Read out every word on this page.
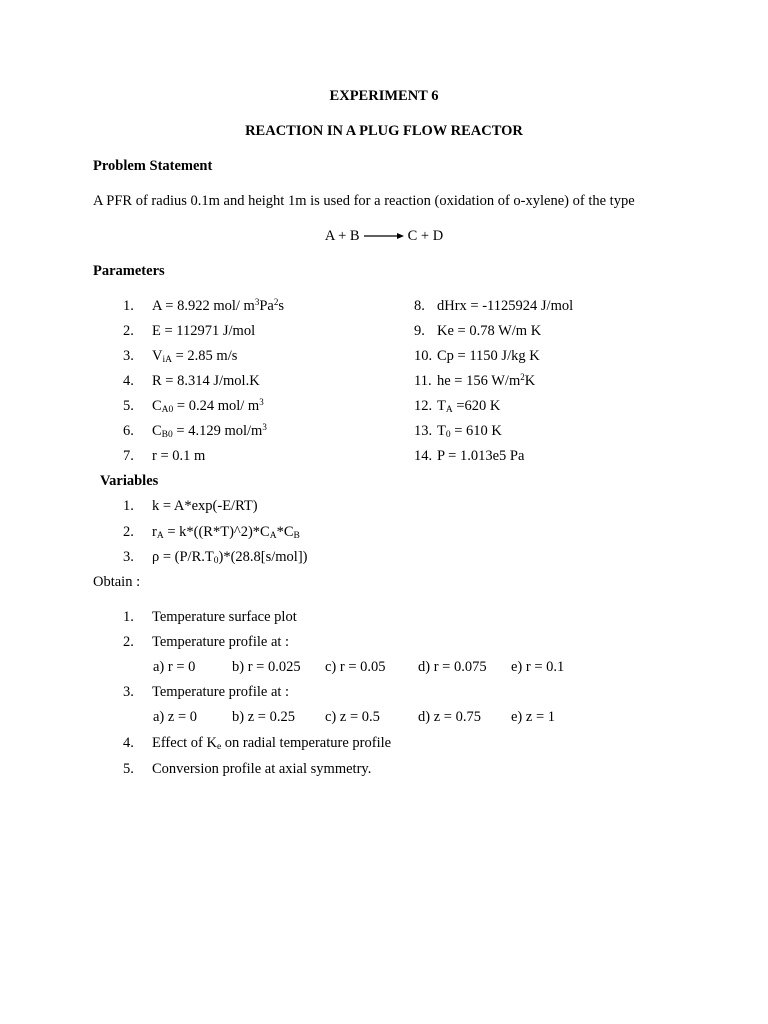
EXPERIMENT 6
REACTION IN A PLUG FLOW REACTOR
Problem Statement
A PFR of radius 0.1m and height 1m is used for a reaction (oxidation of o-xylene) of the type
A + B	C + D
Parameters
1. A = 8.922 mol/ $m^3Pa^2s$
2. E = 112971 J/mol
3. $V_{iA} = 2.85$ m/s
4. R = 8.314 J/mol.K
5. $C_{A0} = 0.24$ mol/ $m^3$
6. $C_{B0} = 4.129$ mol/$m^3$
7. r = 0.1 m
8. dHrx = -1125924 J/mol
9. Ke = 0.78 W/m K
10. Cp = 1150 J/kg K
11. he = 156 $W/m^2K$
12. $T_A =620$ K
13. $T_0 = 610$ K
14. P = 1.013e5 Pa
Variables
1. k = A*exp(-E/RT)
2. $r_A$ = $k*((R*T)\^{}2)*C_A*C_B$
3. $\rho = (P/R.T_0)*(28.8[s/mol])$
Obtain :
1. Temperature surface plot
2. Temperature profile at :
a) r = 0	b) r = 0.025 c) r = 0.05 d) r = 0.075 e) r = 0.1
3. Temperature profile at :
a) z = 0 b) z = 0.25 c) z = 0.5	d) z = 0.75 e) z = 1
4. Effect of $K_e$ on radial temperature profile
5. Conversion profile at axial symmetry.
